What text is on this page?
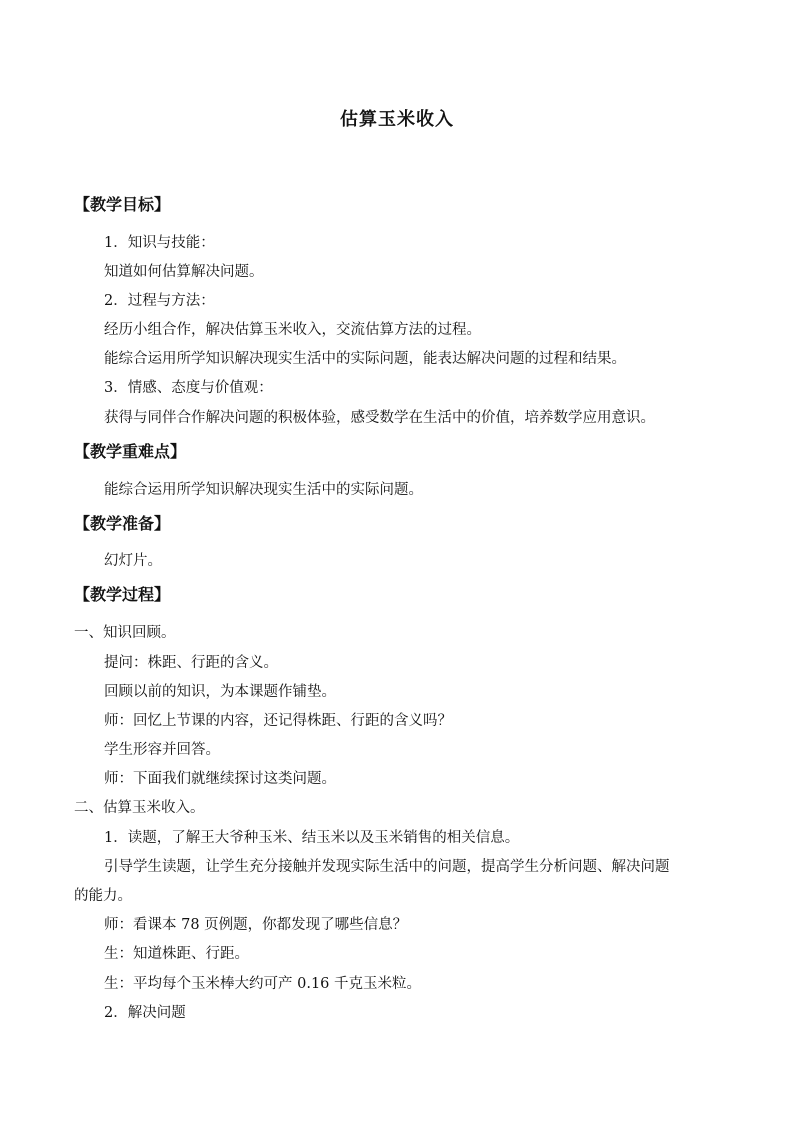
估算玉米收入
【教学目标】
1．知识与技能：
知道如何估算解决问题。
2．过程与方法：
经历小组合作，解决估算玉米收入，交流估算方法的过程。
能综合运用所学知识解决现实生活中的实际问题，能表达解决问题的过程和结果。
3．情感、态度与价值观：
获得与同伴合作解决问题的积极体验，感受数学在生活中的价值，培养数学应用意识。
【教学重难点】
能综合运用所学知识解决现实生活中的实际问题。
【教学准备】
幻灯片。
【教学过程】
一、知识回顾。
提问：株距、行距的含义。
回顾以前的知识，为本课题作铺垫。
师：回忆上节课的内容，还记得株距、行距的含义吗？
学生形容并回答。
师：下面我们就继续探讨这类问题。
二、估算玉米收入。
1．读题，了解王大爷种玉米、结玉米以及玉米销售的相关信息。
引导学生读题，让学生充分接触并发现实际生活中的问题，提高学生分析问题、解决问题
的能力。
师：看课本 78 页例题，你都发现了哪些信息？
生：知道株距、行距。
生：平均每个玉米棒大约可产 0.16 千克玉米粒。
2．解决问题
